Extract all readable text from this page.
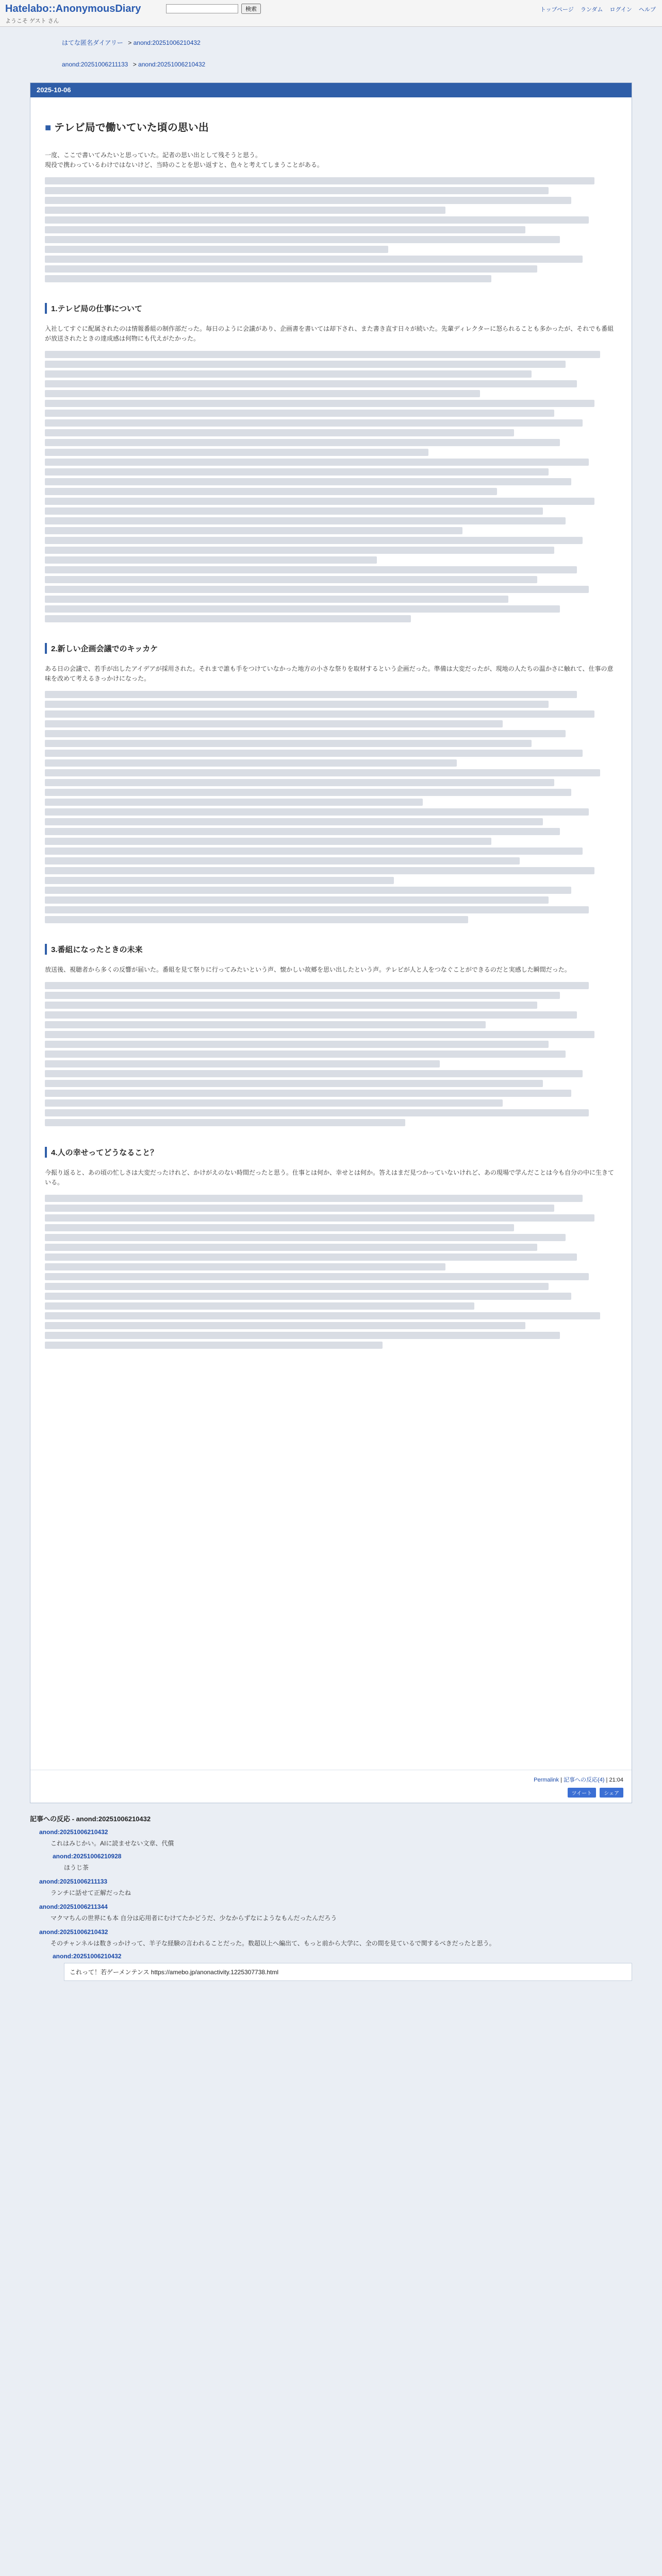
Hatelabo::AnonymousDiary	検索	トップページ ランダム ログイン ヘルプ
ようこそ ゲスト さん
はてな匿名ダイアリー > anond:20251006210432
anond:20251006211133 > anond:20251006210432
2025-10-06
■ テレビ局で働いていた頃の思い出

一度、ここで書いてみたいと思っていた。記者の思い出として残そうと思う。
現役で携わっているわけではないけど、当時のことを思い返すと、色々と考えてしまうことがある。

1.テレビ局の仕事について

入社してすぐに配属されたのは情報番組の制作部だった。毎日のように会議があり、企画書を書いては却下され、また書き直す日々が続いた。先輩ディレクターに怒られることも多かったが、それでも番組が放送されたときの達成感は何物にも代えがたかった。

2.新しい企画会議でのキッカケ

ある日の会議で、若手が出したアイデアが採用された。それまで誰も手をつけていなかった地方の小さな祭りを取材するという企画だった。準備は大変だったが、現地の人たちの温かさに触れて、仕事の意味を改めて考えるきっかけになった。

3.番組になったときの未来

放送後、視聴者から多くの反響が届いた。番組を見て祭りに行ってみたいという声、懐かしい故郷を思い出したという声。テレビが人と人をつなぐことができるのだと実感した瞬間だった。

4.人の幸せってどうなること？

今振り返ると、あの頃の忙しさは大変だったけれど、かけがえのない時間だったと思う。仕事とは何か、幸せとは何か。答えはまだ見つかっていないけれど、あの現場で学んだことは今も自分の中に生きている。

Permalink | 記事への反応(4) | 21:04
ツイート シェア
記事への反応 - anond:20251006210432
anond:20251006210432
これはみじかい。AIに読ませない文章、代償
anond:20251006210928
ほうじ茶
anond:20251006211133
ランチに話せて正解だったね
anond:20251006211344
マクマちんの世界にも本 自分は応用者にむけてたかどうだ、少なからずなにようなもんだったんだろう
anond:20251006210432
そのチャンネルは数きっかけって、羊子な経験の言われることだった。数超以上へ編出て、もっと前から大学に、全の間を見ているで関するべきだったと思う。
anond:20251006210432
これって！若ゲーメンテンス https://amebo.jp/anonactivity.1225307738.html
